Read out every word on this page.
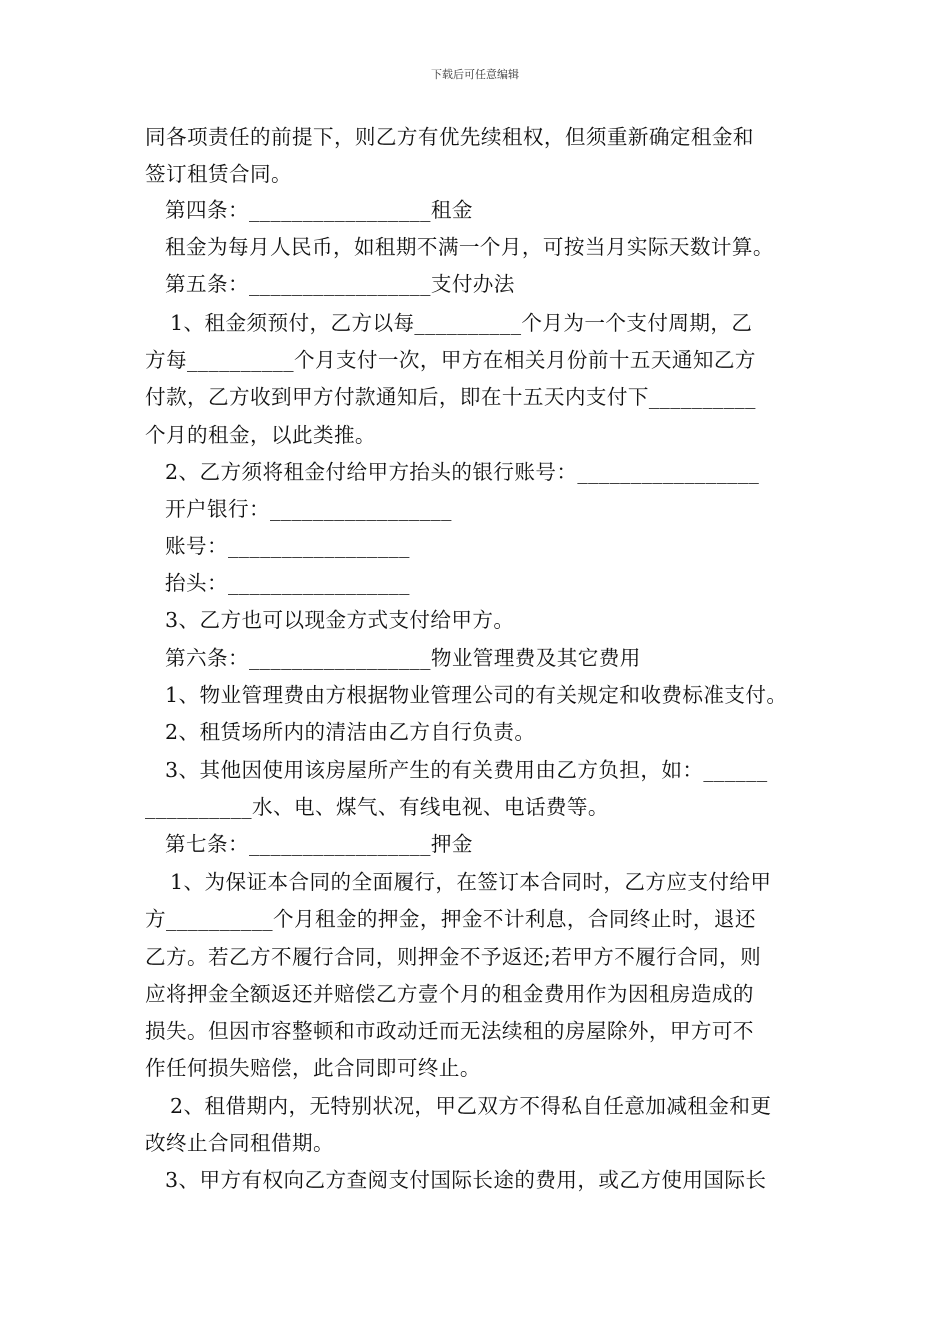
下载后可任意编辑
同各项责任的前提下，则乙方有优先续租权，但须重新确定租金和
签订租赁合同。
第四条：_________________租金
租金为每月人民币，如租期不满一个月，可按当月实际天数计算。
第五条：_________________支付办法
1、租金须预付，乙方以每__________个月为一个支付周期，乙
方每__________个月支付一次，甲方在相关月份前十五天通知乙方
付款，乙方收到甲方付款通知后，即在十五天内支付下__________
个月的租金，以此类推。
2、乙方须将租金付给甲方抬头的银行账号：_________________
开户银行：_________________
账号：_________________
抬头：_________________
3、乙方也可以现金方式支付给甲方。
第六条：_________________物业管理费及其它费用
1、物业管理费由方根据物业管理公司的有关规定和收费标准支付。
2、租赁场所内的清洁由乙方自行负责。
3、其他因使用该房屋所产生的有关费用由乙方负担，如：______
__________水、电、煤气、有线电视、电话费等。
第七条：_________________押金
1、为保证本合同的全面履行，在签订本合同时，乙方应支付给甲
方__________个月租金的押金，押金不计利息，合同终止时，退还
乙方。若乙方不履行合同，则押金不予返还;若甲方不履行合同，则
应将押金全额返还并赔偿乙方壹个月的租金费用作为因租房造成的
损失。但因市容整顿和市政动迁而无法续租的房屋除外，甲方可不
作任何损失赔偿，此合同即可终止。
2、租借期内，无特别状况，甲乙双方不得私自任意加减租金和更
改终止合同租借期。
3、甲方有权向乙方查阅支付国际长途的费用，或乙方使用国际长
